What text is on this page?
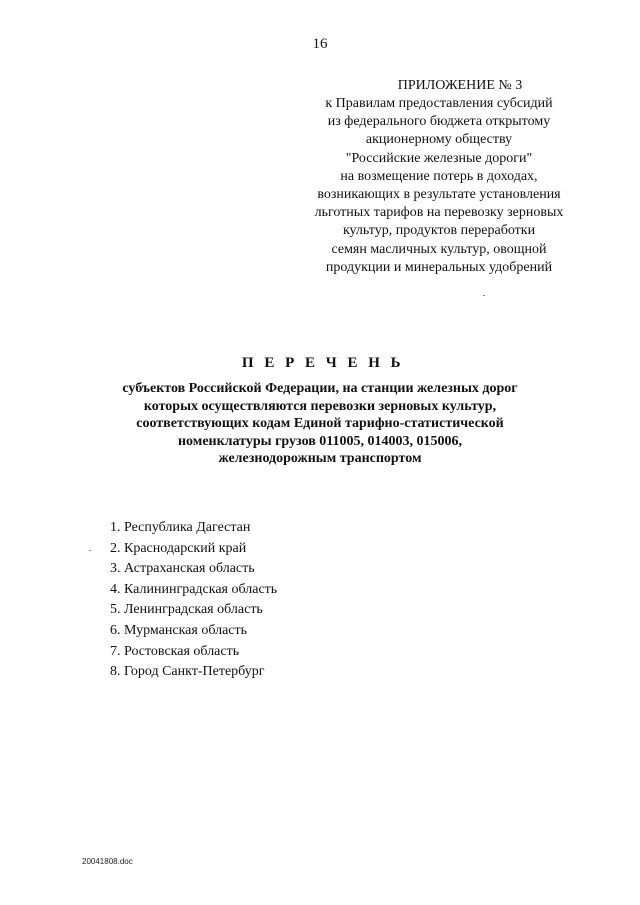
16
ПРИЛОЖЕНИЕ № 3
к Правилам предоставления субсидий
из федерального бюджета открытому
акционерному обществу
"Российские железные дороги"
на возмещение потерь в доходах,
возникающих в результате установления
льготных тарифов на перевозку зерновых
культур, продуктов переработки
семян масличных культур, овощной
продукции и минеральных удобрений
П Е Р Е Ч Е Н Ь
субъектов Российской Федерации, на станции железных дорог
которых осуществляются перевозки зерновых культур,
соответствующих кодам Единой тарифно-статистической
номенклатуры грузов 011005, 014003, 015006,
железнодорожным транспортом
1. Республика Дагестан
2. Краснодарский край
3. Астраханская область
4. Калининградская область
5. Ленинградская область
6. Мурманская область
7. Ростовская область
8. Город Санкт-Петербург
20041808.doc
